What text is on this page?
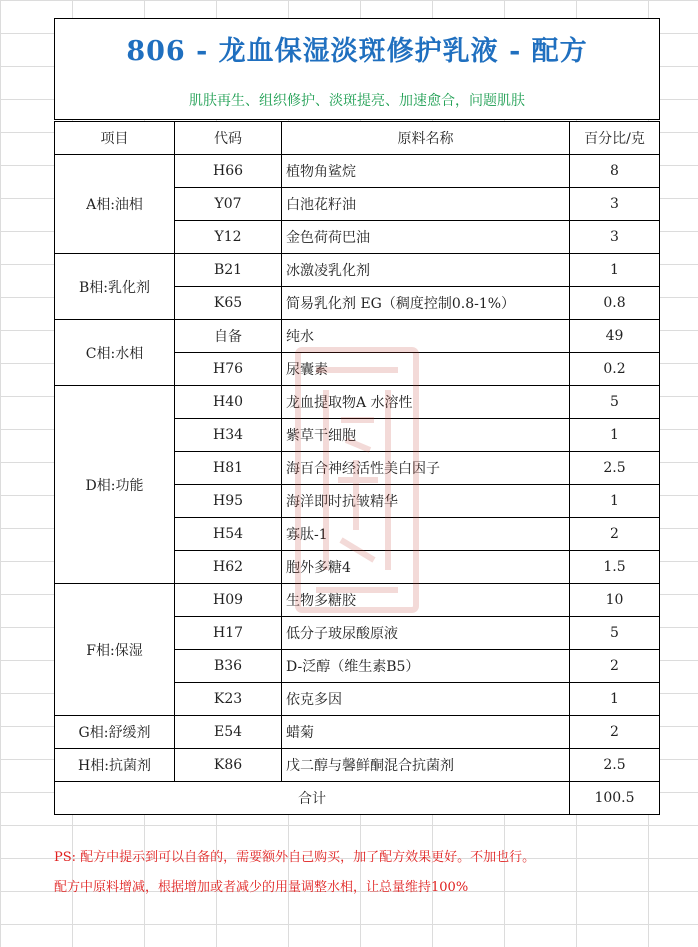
806 - 龙血保湿淡斑修护乳液 - 配方
肌肤再生、组织修护、淡斑提亮、加速愈合，问题肌肤
项目	代码	原料名称	百分比/克
A相:油相	H66	植物角鲨烷	8
	Y07	白池花籽油	3
	Y12	金色荷荷巴油	3
B相:乳化剂	B21	冰激凌乳化剂	1
	K65	简易乳化剂 EG（稠度控制0.8-1%）	0.8
C相:水相	自备	纯水	49
	H76	尿囊素	0.2
D相:功能	H40	龙血提取物A 水溶性	5
	H34	紫草干细胞	1
	H81	海百合神经活性美白因子	2.5
	H95	海洋即时抗皱精华	1
	H54	寡肽-1	2
	H62	胞外多糖4	1.5
F相:保湿	H09	生物多糖胶	10
	H17	低分子玻尿酸原液	5
	B36	D-泛醇（维生素B5）	2
	K23	依克多因	1
G相:舒缓剂	E54	蜡菊	2
H相:抗菌剂	K86	戊二醇与馨鲜酮混合抗菌剂	2.5
合计			100.5
PS: 配方中提示到可以自备的，需要额外自己购买，加了配方效果更好。不加也行。
配方中原料增减，根据增加或者减少的用量调整水相，让总量维持100%
